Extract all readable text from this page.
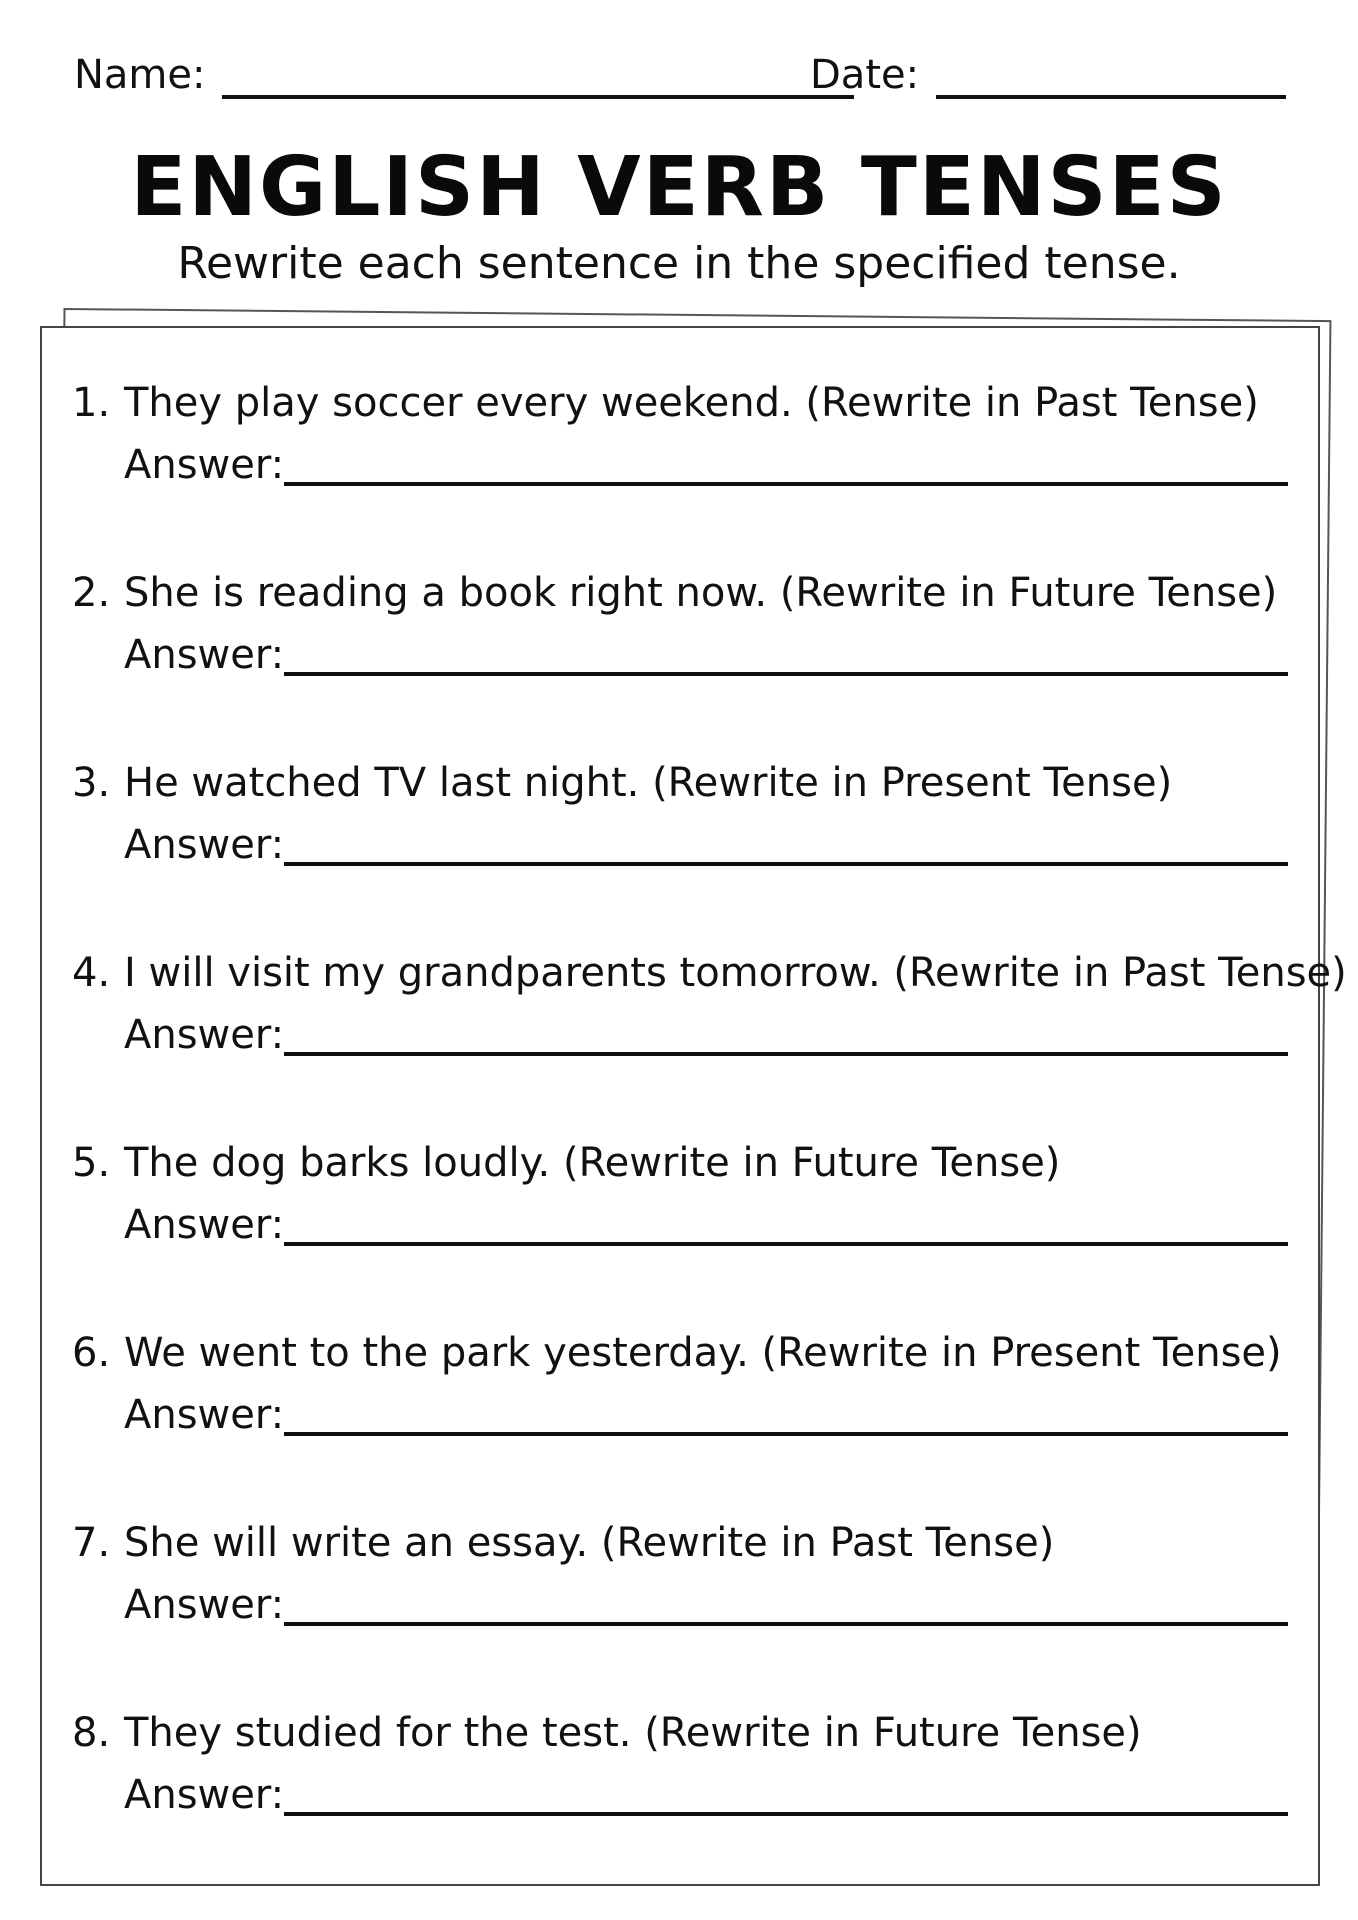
Name:	Date:
ENGLISH VERB TENSES
Rewrite each sentence in the specified tense.
1. They play soccer every weekend. (Rewrite in Past Tense)
Answer:
2. She is reading a book right now. (Rewrite in Future Tense)
Answer:
3. He watched TV last night. (Rewrite in Present Tense)
Answer:
4. I will visit my grandparents tomorrow. (Rewrite in Past Tense)
Answer:
5. The dog barks loudly. (Rewrite in Future Tense)
Answer:
6. We went to the park yesterday. (Rewrite in Present Tense)
Answer:
7. She will write an essay. (Rewrite in Past Tense)
Answer:
8. They studied for the test. (Rewrite in Future Tense)
Answer:
